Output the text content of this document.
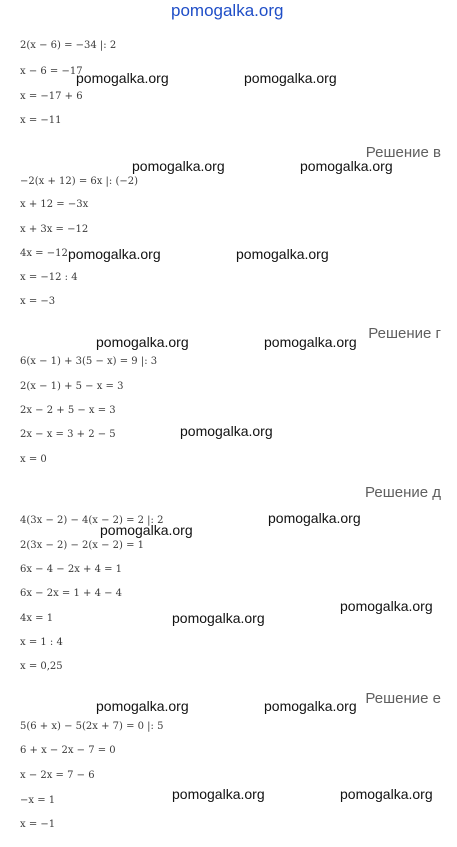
pomogalka.org
2(x − 6) = −34 |: 2
x − 6 = −17
x = −17 + 6
x = −11
Решение в
−2(x + 12) = 6x |: (−2)
x + 12 = −3x
x + 3x = −12
4x = −12
x = −12 : 4
x = −3
Решение г
6(x − 1) + 3(5 − x) = 9 |: 3
2(x − 1) + 5 − x = 3
2x − 2 + 5 − x = 3
2x − x = 3 + 2 − 5
x = 0
Решение д
4(3x − 2) − 4(x − 2) = 2 |: 2
2(3x − 2) − 2(x − 2) = 1
6x − 4 − 2x + 4 = 1
6x − 2x = 1 + 4 − 4
4x = 1
x = 1 : 4
x = 0,25
Решение е
5(6 + x) − 5(2x + 7) = 0 |: 5
6 + x − 2x − 7 = 0
x − 2x = 7 − 6
−x = 1
x = −1
pomogalka.org	pomogalka.org
pomogalka.org	pomogalka.org
pomogalka.org	pomogalka.org
pomogalka.org	pomogalka.org
pomogalka.org
pomogalka.org
pomogalka.org
pomogalka.org
pomogalka.org
pomogalka.org	pomogalka.org
pomogalka.org	pomogalka.org
